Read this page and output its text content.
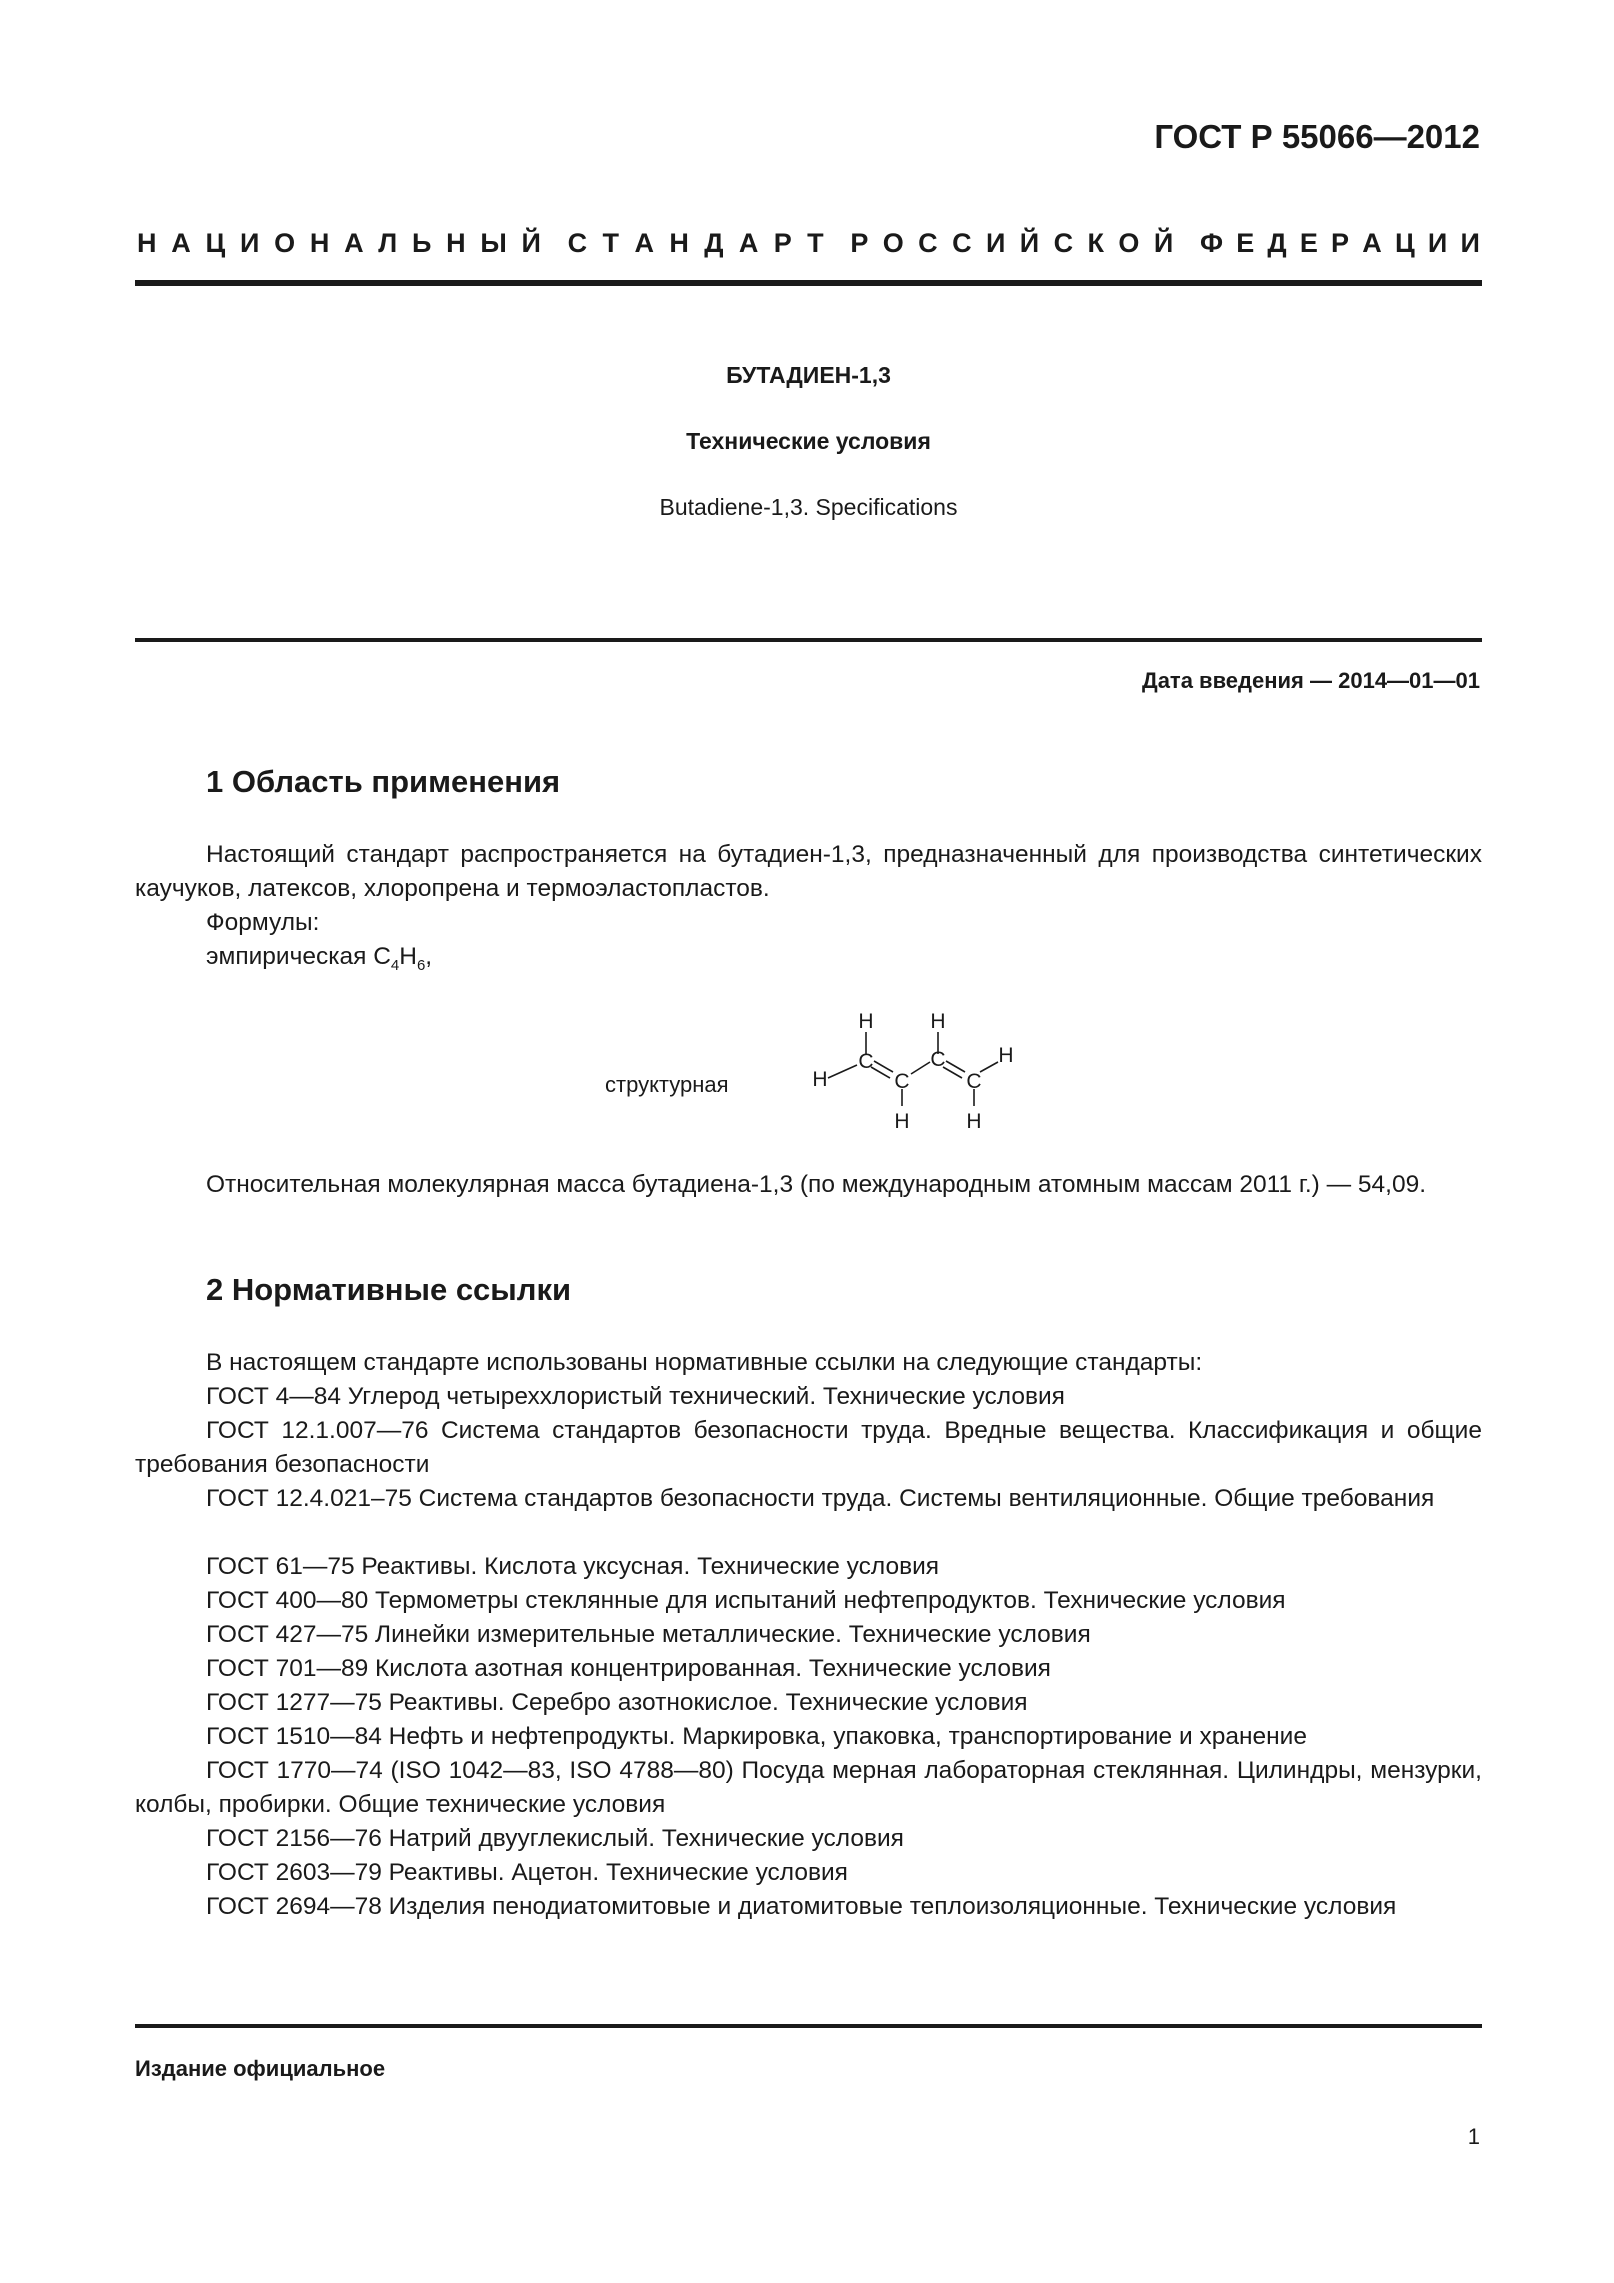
ГОСТ Р 55066—2012
Н А Ц И О Н А Л Ь Н Ы Й С Т А Н Д А Р Т Р О С С И Й С К О Й Ф Е Д Е Р А Ц И И
БУТАДИЕН-1,3
Технические условия
Butadiene-1,3. Specifications
Дата введения — 2014—01—01
1 Область применения
Настоящий стандарт распространяется на бутадиен-1,3, предназначенный для производства синтетических каучуков, латексов, хлоропрена и термоэластопластов.
Формулы:
эмпирическая $С_4Н_6$,
структурная
H	H
C	C
H
H
C	C
H	H
Относительная молекулярная масса бутадиена-1,3 (по международным атомным массам 2011 г.) — 54,09.
2 Нормативные ссылки
В настоящем стандарте использованы нормативные ссылки на следующие стандарты:
ГОСТ 4—84 Углерод четыреххлористый технический. Технические условия
ГОСТ 12.1.007—76 Система стандартов безопасности труда. Вредные вещества. Классификация и общие требования безопасности
ГОСТ 12.4.021–75 Система стандартов безопасности труда. Системы вентиляционные. Общие требования
ГОСТ 61—75 Реактивы. Кислота уксусная. Технические условия
ГОСТ 400—80 Термометры стеклянные для испытаний нефтепродуктов. Технические условия
ГОСТ 427—75 Линейки измерительные металлические. Технические условия
ГОСТ 701—89 Кислота азотная концентрированная. Технические условия
ГОСТ 1277—75 Реактивы. Серебро азотнокислое. Технические условия
ГОСТ 1510—84 Нефть и нефтепродукты. Маркировка, упаковка, транспортирование и хранение
ГОСТ 1770—74 (ISO 1042—83, ISO 4788—80) Посуда мерная лабораторная стеклянная. Цилиндры, мензурки, колбы, пробирки. Общие технические условия
ГОСТ 2156—76 Натрий двууглекислый. Технические условия
ГОСТ 2603—79 Реактивы. Ацетон. Технические условия
ГОСТ 2694—78 Изделия пенодиатомитовые и диатомитовые теплоизоляционные. Технические условия
Издание официальное
1
